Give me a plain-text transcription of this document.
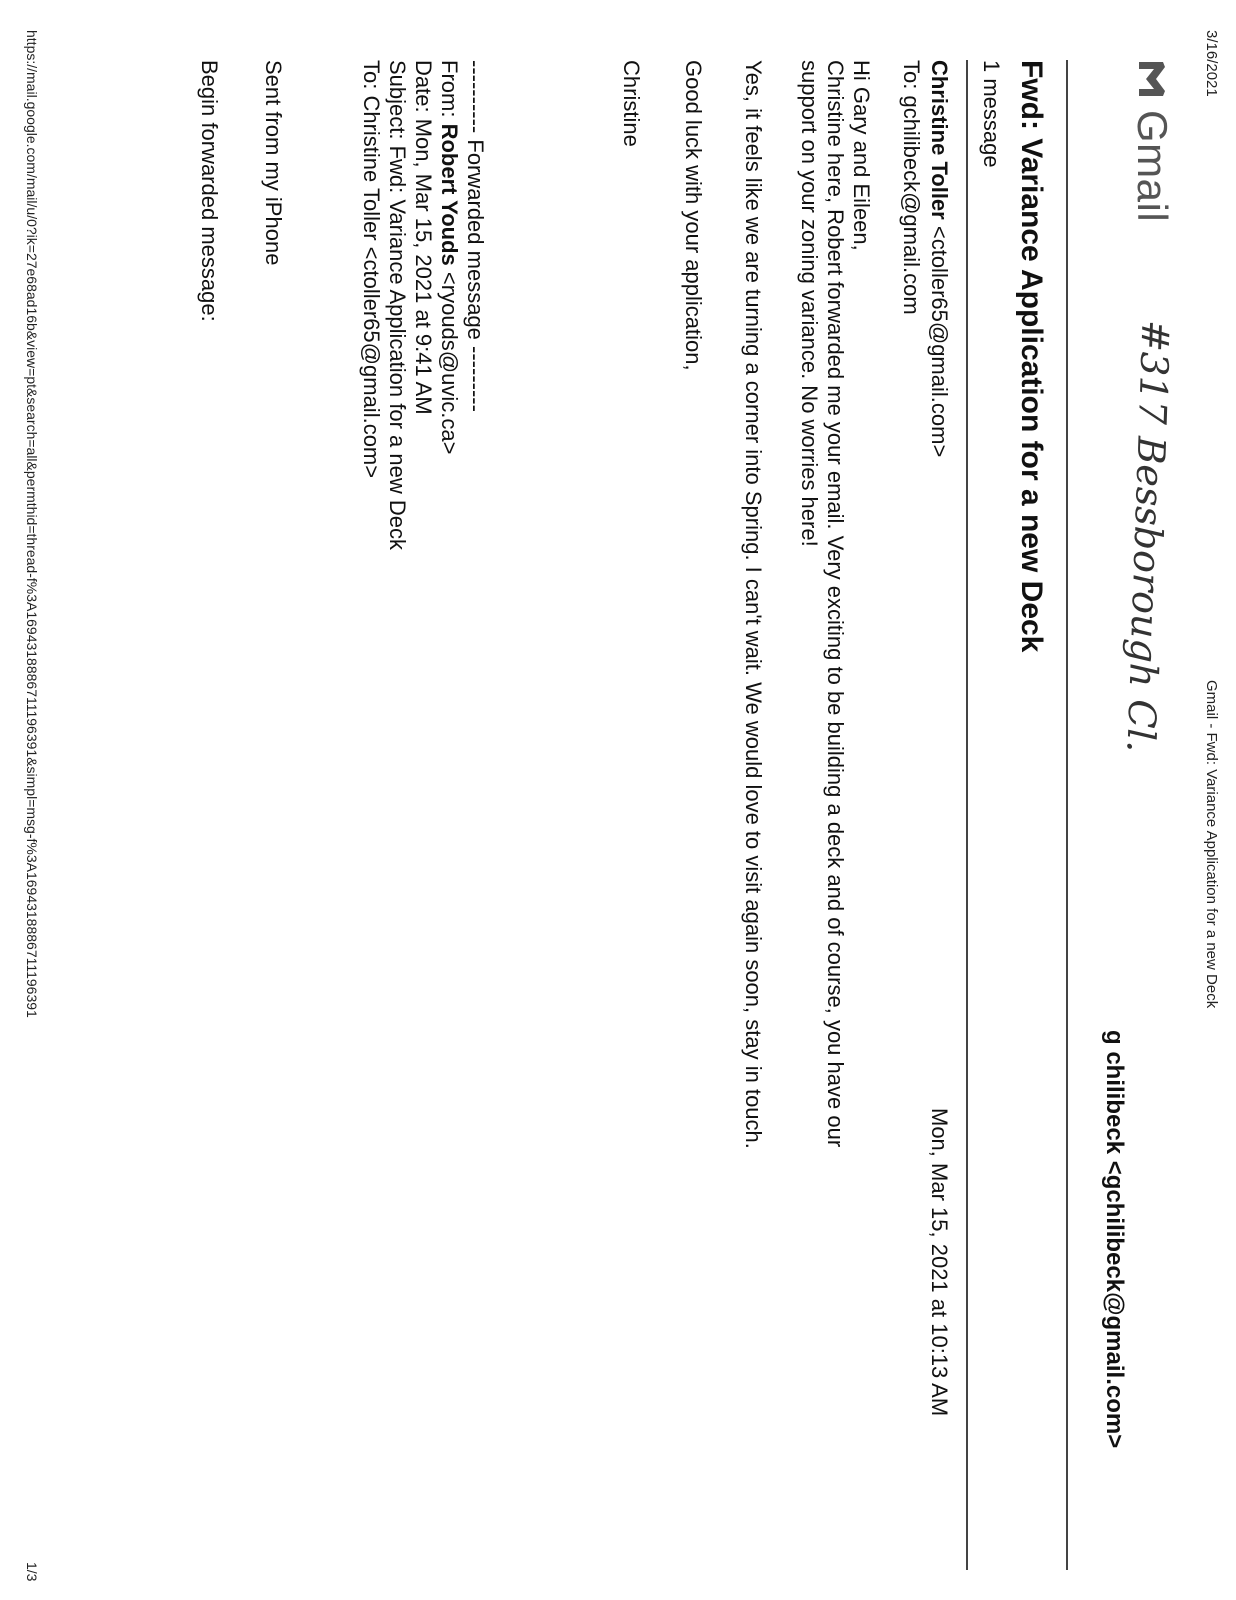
3/16/2021
Gmail - Fwd: Variance Application for a new Deck
Gmail
#317 Bessborough Cl.
g chilibeck <gchilibeck@gmail.com>
Fwd: Variance Application for a new Deck
1 message
Christine Toller <ctoller65@gmail.com>
To: gchilibeck@gmail.com
Mon, Mar 15, 2021 at 10:13 AM
Hi Gary and Eileen,
Christine here, Robert forwarded me your email. Very exciting to be building a deck and of course, you have our
support on your zoning variance. No worries here!
Yes, it feels like we are turning a corner into Spring. I can't wait. We would love to visit again soon, stay in touch.
Good luck with your application,
Christine
---------- Forwarded message ---------
From: Robert Youds <ryouds@uvic.ca>
Date: Mon, Mar 15, 2021 at 9:41 AM
Subject: Fwd: Variance Application for a new Deck
To: Christine Toller <ctoller65@gmail.com>
Sent from my iPhone
Begin forwarded message:
https://mail.google.com/mail/u/0?ik=27e68ad16b&view=pt&search=all&permthid=thread-f%3A1694318886711196391&simpl=msg-f%3A1694318886711196391
1/3
